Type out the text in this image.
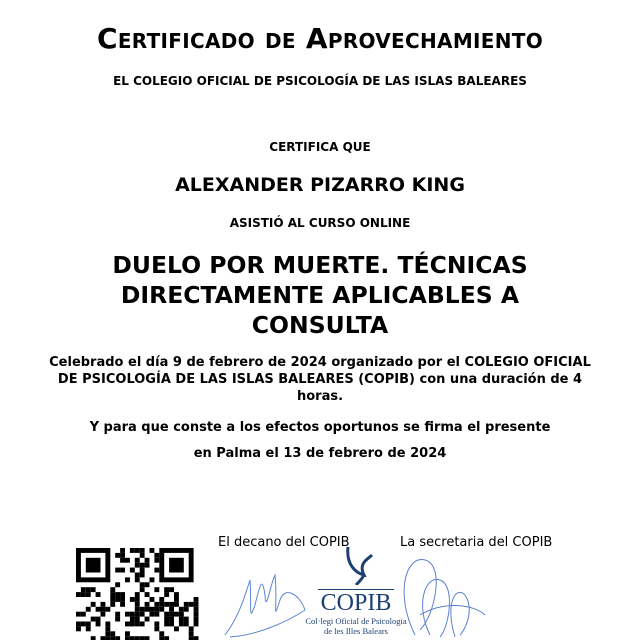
Certificado de Aprovechamiento
EL COLEGIO OFICIAL DE PSICOLOGÍA DE LAS ISLAS BALEARES
CERTIFICA QUE
ALEXANDER PIZARRO KING
ASISTIÓ AL CURSO ONLINE
DUELO POR MUERTE. TÉCNICAS DIRECTAMENTE APLICABLES A CONSULTA
Celebrado el día 9 de febrero de 2024 organizado por el COLEGIO OFICIAL DE PSICOLOGÍA DE LAS ISLAS BALEARES (COPIB) con una duración de 4 horas.
Y para que conste a los efectos oportunos se firma el presente
en Palma el 13 de febrero de 2024
El decano del COPIB	La secretaria del COPIB
COPIB
Col·legi Oficial de Psicologia
de les Illes Balears
